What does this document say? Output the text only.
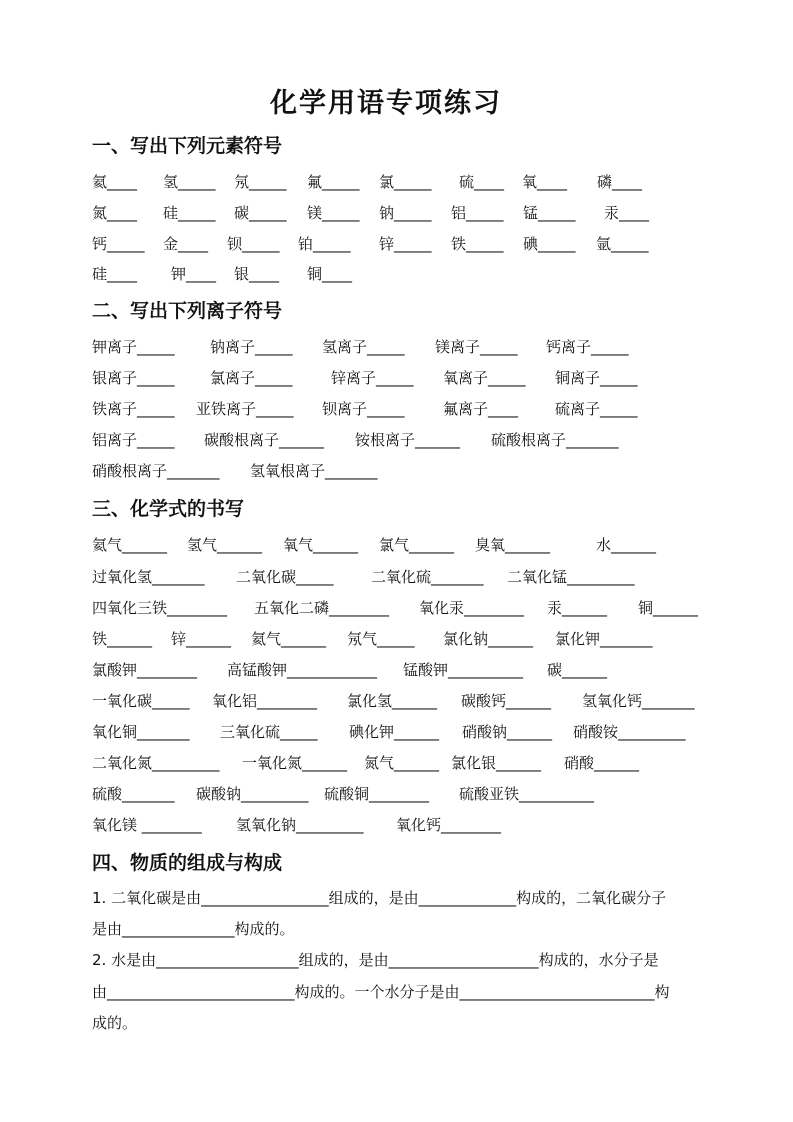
化学用语专项练习
一、写出下列元素符号
氦____ 氢_____ 氖_____ 氟_____ 氯_____ 硫____ 氧____ 磷____
氮____ 硅_____ 碳_____ 镁_____ 钠_____ 铝_____ 锰_____ 汞____
钙_____ 金____ 钡_____ 铂_____ 锌_____ 铁_____ 碘_____ 氩_____
硅____ 钾____ 银____ 铜____
二、写出下列离子符号
钾离子_____ 钠离子_____ 氢离子_____ 镁离子_____ 钙离子_____
银离子_____ 氯离子_____	锌离子_____ 氧离子_____ 铜离子_____
铁离子_____ 亚铁离子_____ 钡离子_____	氟离子____ 硫离子_____
铝离子_____ 碳酸根离子______ 铵根离子______ 硫酸根离子_______
硝酸根离子_______ 氢氧根离子_______
三、化学式的书写
氦气______ 氢气______ 氧气______ 氯气______ 臭氧______	水______
过氧化氢_______ 二氧化碳_____ 二氧化硫_______ 二氧化锰_________
四氧化三铁________ 五氧化二磷________ 氧化汞________ 汞______ 铜______
铁______ 锌______ 氦气______ 氖气_____ 氯化钠______ 氯化钾_______
氯酸钾________ 高锰酸钾____________ 锰酸钾__________ 碳______
一氧化碳_____ 氧化铝________ 氯化氢______ 碳酸钙______ 氢氧化钙_______
氧化铜_______ 三氧化硫_____ 碘化钾______ 硝酸钠______ 硝酸铵_________
二氧化氮_________ 一氧化氮______ 氮气______ 氯化银______ 硝酸______
硫酸_______ 碳酸钠_________ 硫酸铜________ 硫酸亚铁__________
氧化镁 ________ 氢氧化钠_________ 氧化钙________
四、物质的组成与构成
1. 二氧化碳是由_________________组成的，是由_____________构成的，二氧化碳分子
是由_______________构成的。
2. 水是由___________________组成的，是由____________________构成的，水分子是
由_________________________构成的。一个水分子是由__________________________构
成的。
